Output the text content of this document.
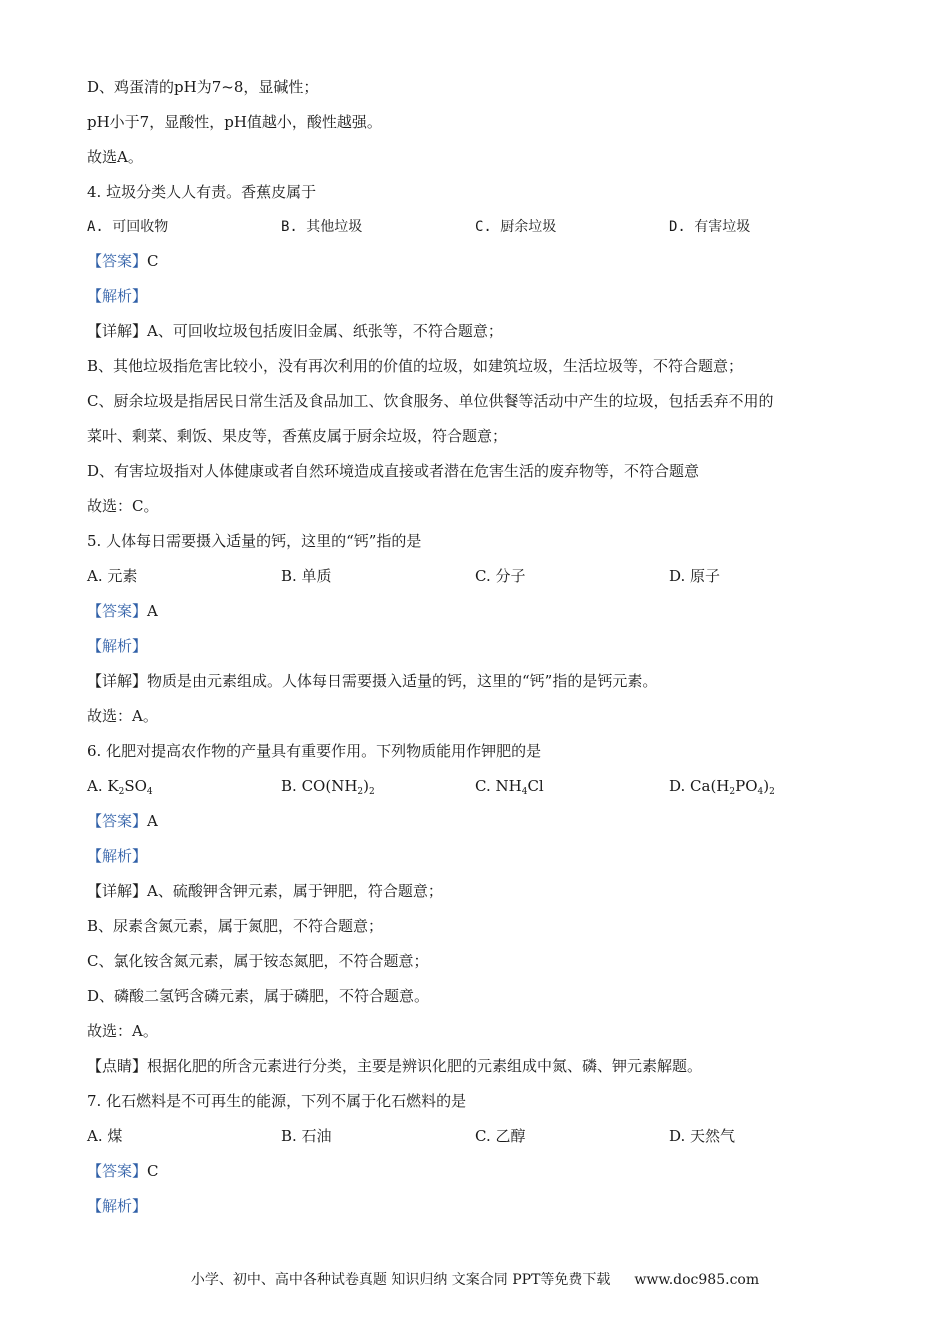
D、鸡蛋清的pH为7~8，显碱性；
pH小于7，显酸性，pH值越小，酸性越强。
故选A。
4. 垃圾分类人人有责。香蕉皮属于
A. 可回收物	B. 其他垃圾	C. 厨余垃圾	D. 有害垃圾
【答案】C
【解析】
【详解】A、可回收垃圾包括废旧金属、纸张等，不符合题意；
B、其他垃圾指危害比较小，没有再次利用的价值的垃圾，如建筑垃圾，生活垃圾等，不符合题意；
C、厨余垃圾是指居民日常生活及食品加工、饮食服务、单位供餐等活动中产生的垃圾，包括丢弃不用的
菜叶、剩菜、剩饭、果皮等，香蕉皮属于厨余垃圾，符合题意；
D、有害垃圾指对人体健康或者自然环境造成直接或者潜在危害生活的废弃物等，不符合题意
故选：C。
5. 人体每日需要摄入适量的钙，这里的“钙”指的是
A. 元素	B. 单质	C. 分子	D. 原子
【答案】A
【解析】
【详解】物质是由元素组成。人体每日需要摄入适量的钙，这里的“钙”指的是钙元素。
故选：A。
6. 化肥对提高农作物的产量具有重要作用。下列物质能用作钾肥的是
A. $K_2SO_4$	B. $CO(NH_2)_2$	C. $NH_4Cl$	D. $Ca(H_2PO_4)_2$
【答案】A
【解析】
【详解】A、硫酸钾含钾元素，属于钾肥，符合题意；
B、尿素含氮元素，属于氮肥，不符合题意；
C、氯化铵含氮元素，属于铵态氮肥，不符合题意；
D、磷酸二氢钙含磷元素，属于磷肥，不符合题意。
故选：A。
【点睛】根据化肥的所含元素进行分类，主要是辨识化肥的元素组成中氮、磷、钾元素解题。
7. 化石燃料是不可再生的能源，下列不属于化石燃料的是
A. 煤	B. 石油	C. 乙醇	D. 天然气
【答案】C
【解析】
小学、初中、高中各种试卷真题 知识归纳 文案合同 PPT等免费下载 www.doc985.com
